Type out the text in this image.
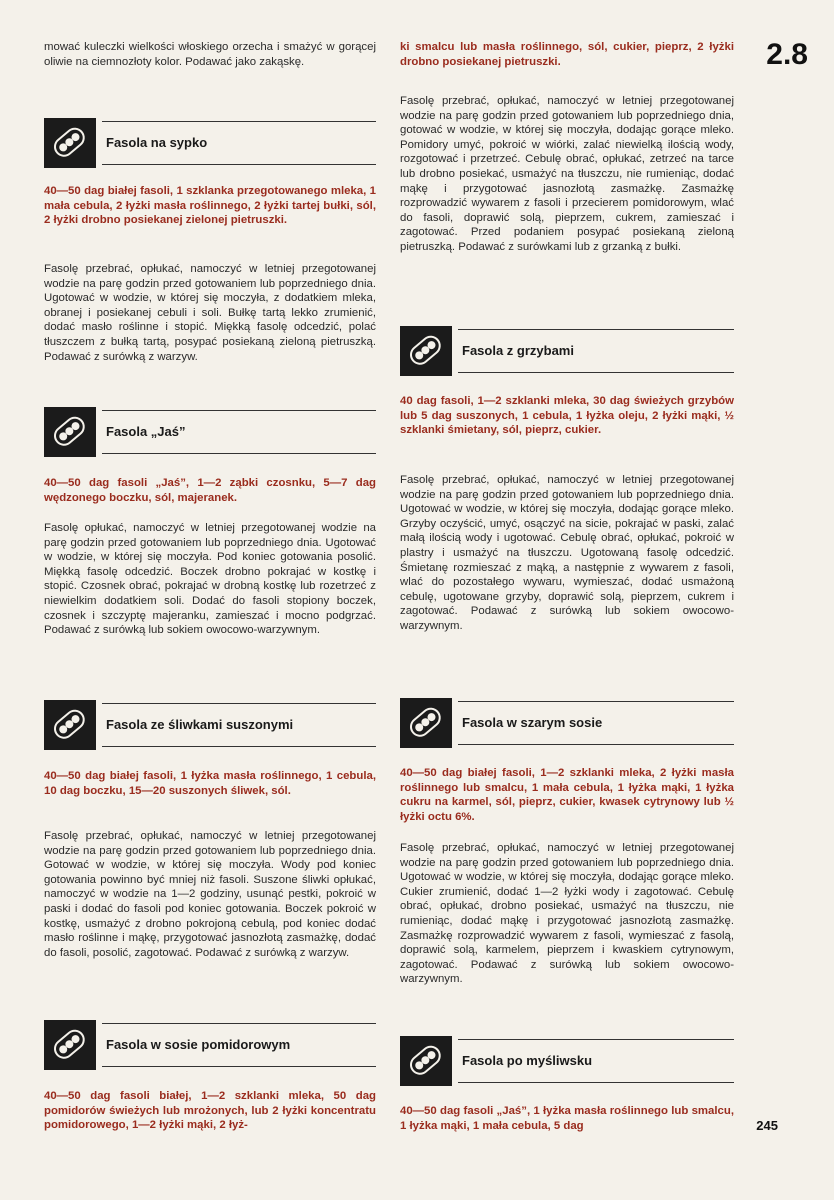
2.8
245

mować kuleczki wielkości włoskiego orzecha i smażyć w gorącej oliwie na ciemnozłoty kolor. Podawać jako zakąskę.

Fasola na sypko

40—50 dag białej fasoli, 1 szklanka przegotowanego mleka, 1 mała cebula, 2 łyżki masła roślinnego, 2 łyżki tartej bułki, sól, 2 łyżki drobno posiekanej zielonej pietruszki.

Fasolę przebrać, opłukać, namoczyć w letniej przegotowanej wodzie na parę godzin przed gotowaniem lub poprzedniego dnia. Ugotować w wodzie, w której się moczyła, z dodatkiem mleka, obranej i posiekanej cebuli i soli. Bułkę tartą lekko zrumienić, dodać masło roślinne i stopić. Miękką fasolę odcedzić, polać tłuszczem z bułką tartą, posypać posiekaną zieloną pietruszką. Podawać z surówką z warzyw.

Fasola „Jaś”

40—50 dag fasoli „Jaś”, 1—2 ząbki czosnku, 5—7 dag wędzonego boczku, sól, majeranek.

Fasolę opłukać, namoczyć w letniej przegotowanej wodzie na parę godzin przed gotowaniem lub poprzedniego dnia. Ugotować w wodzie, w której się moczyła. Pod koniec gotowania posolić. Miękką fasolę odcedzić. Boczek drobno pokrajać w kostkę i stopić. Czosnek obrać, pokrajać w drobną kostkę lub rozetrzeć z niewielkim dodatkiem soli. Dodać do fasoli stopiony boczek, czosnek i szczyptę majeranku, zamieszać i mocno podgrzać. Podawać z surówką lub sokiem owocowo-warzywnym.

Fasola ze śliwkami suszonymi

40—50 dag białej fasoli, 1 łyżka masła roślinnego, 1 cebula, 10 dag boczku, 15—20 suszonych śliwek, sól.

Fasolę przebrać, opłukać, namoczyć w letniej przegotowanej wodzie na parę godzin przed gotowaniem lub poprzedniego dnia. Gotować w wodzie, w której się moczyła. Wody pod koniec gotowania powinno być mniej niż fasoli. Suszone śliwki opłukać, namoczyć w wodzie na 1—2 godziny, usunąć pestki, pokroić w paski i dodać do fasoli pod koniec gotowania. Boczek pokroić w kostkę, usmażyć z drobno pokrojoną cebulą, pod koniec dodać masło roślinne i mąkę, przygotować jasnozłotą zasmażkę, dodać do fasoli, posolić, zagotować. Podawać z surówką z warzyw.

Fasola w sosie pomidorowym

40—50 dag fasoli białej, 1—2 szklanki mleka, 50 dag pomidorów świeżych lub mrożonych, lub 2 łyżki koncentratu pomidorowego, 1—2 łyżki mąki, 2 łyż-

ki smalcu lub masła roślinnego, sól, cukier, pieprz, 2 łyżki drobno posiekanej pietruszki.

Fasolę przebrać, opłukać, namoczyć w letniej przegotowanej wodzie na parę godzin przed gotowaniem lub poprzedniego dnia, gotować w wodzie, w której się moczyła, dodając gorące mleko. Pomidory umyć, pokroić w wiórki, zalać niewielką ilością wody, rozgotować i przetrzeć. Cebulę obrać, opłukać, zetrzeć na tarce lub drobno posiekać, usmażyć na tłuszczu, nie rumieniąc, dodać mąkę i przygotować jasnozłotą zasmażkę. Zasmażkę rozprowadzić wywarem z fasoli i przecierem pomidorowym, wlać do fasoli, doprawić solą, pieprzem, cukrem, zamieszać i zagotować. Przed podaniem posypać posiekaną zieloną pietruszką. Podawać z surówkami lub z grzanką z bułki.

Fasola z grzybami

40 dag fasoli, 1—2 szklanki mleka, 30 dag świeżych grzybów lub 5 dag suszonych, 1 cebula, 1 łyżka oleju, 2 łyżki mąki, ½ szklanki śmietany, sól, pieprz, cukier.

Fasolę przebrać, opłukać, namoczyć w letniej przegotowanej wodzie na parę godzin przed gotowaniem lub poprzedniego dnia. Ugotować w wodzie, w której się moczyła, dodając gorące mleko. Grzyby oczyścić, umyć, osączyć na sicie, pokrajać w paski, zalać małą ilością wody i ugotować. Cebulę obrać, opłukać, pokroić w plastry i usmażyć na tłuszczu. Ugotowaną fasolę odcedzić. Śmietanę rozmieszać z mąką, a następnie z wywarem z fasoli, wlać do pozostałego wywaru, wymieszać, dodać usmażoną cebulę, ugotowane grzyby, doprawić solą, pieprzem, cukrem i zagotować. Podawać z surówką lub sokiem owocowo-warzywnym.

Fasola w szarym sosie

40—50 dag białej fasoli, 1—2 szklanki mleka, 2 łyżki masła roślinnego lub smalcu, 1 mała cebula, 1 łyżka mąki, 1 łyżka cukru na karmel, sól, pieprz, cukier, kwasek cytrynowy lub ½ łyżki octu 6%.

Fasolę przebrać, opłukać, namoczyć w letniej przegotowanej wodzie na parę godzin przed gotowaniem lub poprzedniego dnia. Ugotować w wodzie, w której się moczyła, dodając gorące mleko. Cukier zrumienić, dodać 1—2 łyżki wody i zagotować. Cebulę obrać, opłukać, drobno posiekać, usmażyć na tłuszczu, nie rumieniąc, dodać mąkę i przygotować jasnozłotą zasmażkę. Zasmażkę rozprowadzić wywarem z fasoli, wymieszać z fasolą, doprawić solą, karmelem, pieprzem i kwaskiem cytrynowym, zagotować. Podawać z surówką lub sokiem owocowo-warzywnym.

Fasola po myśliwsku

40—50 dag fasoli „Jaś”, 1 łyżka masła roślinnego lub smalcu, 1 łyżka mąki, 1 mała cebula, 5 dag
